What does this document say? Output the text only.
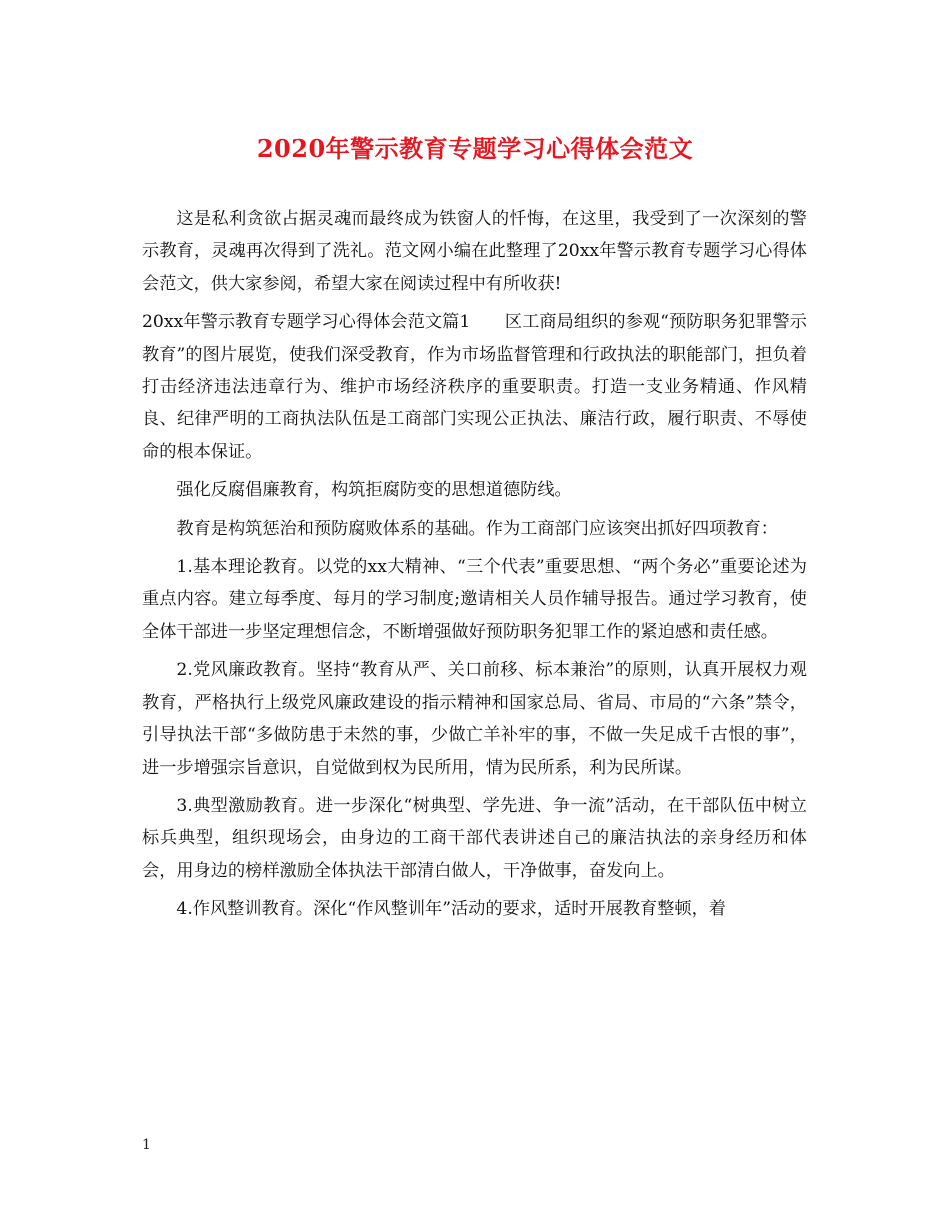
2020年警示教育专题学习心得体会范文

这是私利贪欲占据灵魂而最终成为铁窗人的忏悔，在这里，我受到了一次深刻的警示教育，灵魂再次得到了洗礼。范文网小编在此整理了20xx年警示教育专题学习心得体会范文，供大家参阅，希望大家在阅读过程中有所收获!

20xx年警示教育专题学习心得体会范文篇1　　区工商局组织的参观“预防职务犯罪警示教育”的图片展览，使我们深受教育，作为市场监督管理和行政执法的职能部门，担负着打击经济违法违章行为、维护市场经济秩序的重要职责。打造一支业务精通、作风精良、纪律严明的工商执法队伍是工商部门实现公正执法、廉洁行政，履行职责、不辱使命的根本保证。

强化反腐倡廉教育，构筑拒腐防变的思想道德防线。

教育是构筑惩治和预防腐败体系的基础。作为工商部门应该突出抓好四项教育：

1.基本理论教育。以党的xx大精神、“三个代表”重要思想、“两个务必”重要论述为重点内容。建立每季度、每月的学习制度;邀请相关人员作辅导报告。通过学习教育，使全体干部进一步坚定理想信念，不断增强做好预防职务犯罪工作的紧迫感和责任感。

2.党风廉政教育。坚持“教育从严、关口前移、标本兼治”的原则，认真开展权力观教育，严格执行上级党风廉政建设的指示精神和国家总局、省局、市局的“六条”禁令，引导执法干部“多做防患于未然的事，少做亡羊补牢的事，不做一失足成千古恨的事”，进一步增强宗旨意识，自觉做到权为民所用，情为民所系，利为民所谋。

3.典型激励教育。进一步深化“树典型、学先进、争一流”活动，在干部队伍中树立标兵典型，组织现场会，由身边的工商干部代表讲述自己的廉洁执法的亲身经历和体会，用身边的榜样激励全体执法干部清白做人，干净做事，奋发向上。

4.作风整训教育。深化“作风整训年”活动的要求，适时开展教育整顿，着

1
